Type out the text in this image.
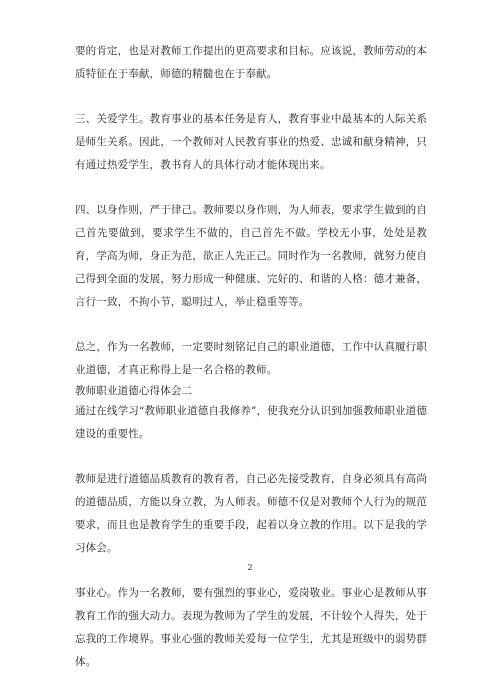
要的肯定，也是对教师工作提出的更高要求和目标。应该说，教师劳动的本质特征在于奉献，师德的精髓也在于奉献。

三、关爱学生。教育事业的基本任务是育人，教育事业中最基本的人际关系是师生关系。因此，一个教师对人民教育事业的热爱、忠诚和献身精神，只有通过热爱学生，教书育人的具体行动才能体现出来。

四、以身作则，严于律己。教师要以身作则，为人师表，要求学生做到的自己首先要做到，要求学生不做的，自己首先不做。学校无小事，处处是教育，学高为师，身正为范，欲正人先正己。同时作为一名教师，就努力使自己得到全面的发展，努力形成一种健康、完好的、和谐的人格：德才兼备，言行一致，不拘小节，聪明过人，举止稳重等等。

总之，作为一名教师，一定要时刻铭记自己的职业道德，工作中认真履行职业道德，才真正称得上是一名合格的教师。

教师职业道德心得体会二

通过在线学习“教师职业道德自我修养”，使我充分认识到加强教师职业道德建设的重要性。

教师是进行道德品质教育的教育者，自己必先接受教育，自身必须具有高尚的道德品质，方能以身立教，为人师表。师德不仅是对教师个人行为的规范要求，而且也是教育学生的重要手段，起着以身立教的作用。以下是我的学习体会。

事业心。作为一名教师，要有强烈的事业心，爱岗敬业。事业心是教师从事教育工作的强大动力。表现为教师为了学生的发展，不计较个人得失，处于忘我的工作境界。事业心强的教师关爱每一位学生，尤其是班级中的弱势群体。

2
